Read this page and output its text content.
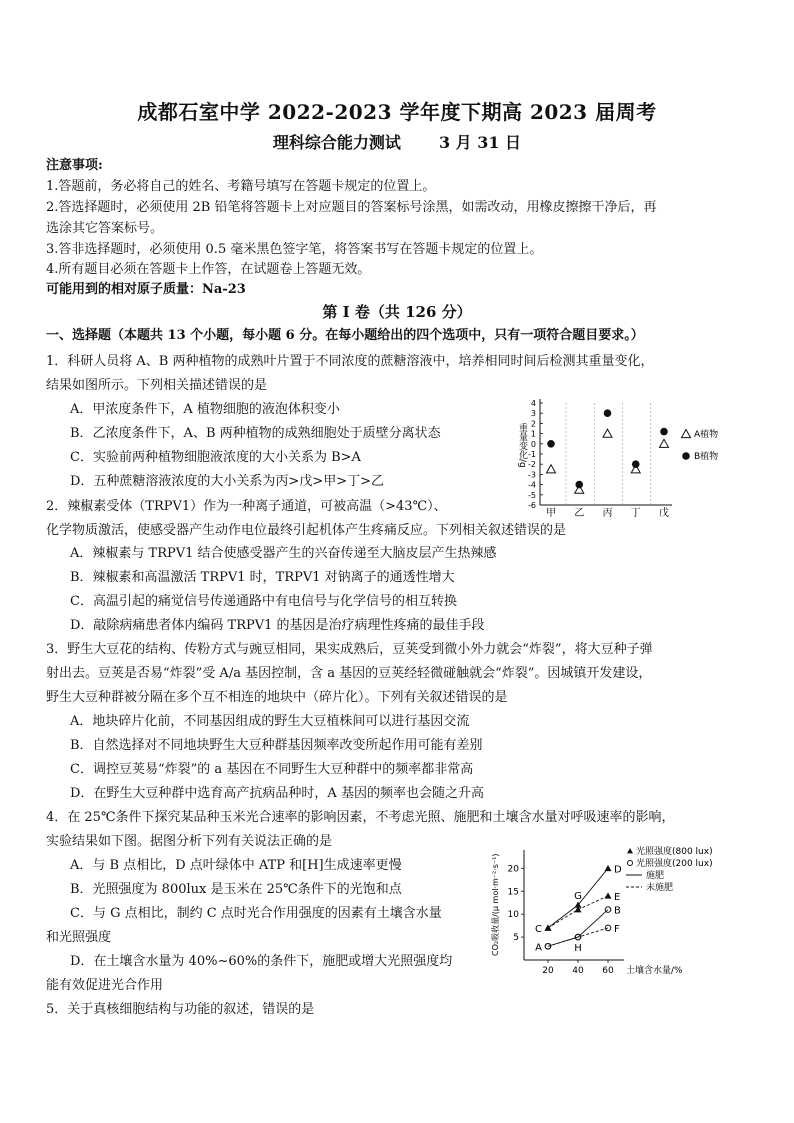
成都石室中学 2022-2023 学年度下期高 2023 届周考
理科综合能力测试 3 月 31 日
注意事项:
1.答题前，务必将自己的姓名、考籍号填写在答题卡规定的位置上。
2.答选择题时，必须使用 2B 铅笔将答题卡上对应题目的答案标号涂黑，如需改动，用橡皮擦擦干净后，再
选涂其它答案标号。
3.答非选择题时，必须使用 0.5 毫米黑色签字笔，将答案书写在答题卡规定的位置上。
4.所有题目必须在答题卡上作答，在试题卷上答题无效。
可能用到的相对原子质量：Na-23
第 I 卷（共 126 分）
一、选择题（本题共 13 个小题，每小题 6 分。在每小题给出的四个选项中，只有一项符合题目要求。）
1．科研人员将 A、B 两种植物的成熟叶片置于不同浓度的蔗糖溶液中，培养相同时间后检测其重量变化，
结果如图所示。下列相关描述错误的是
A．甲浓度条件下，A 植物细胞的液泡体积变小
B．乙浓度条件下，A、B 两种植物的成熟细胞处于质壁分离状态
C．实验前两种植物细胞液浓度的大小关系为 B>A
D．五种蔗糖溶液浓度的大小关系为丙>戊>甲>丁>乙
重量变化/g
4
3
2
1
0
-1
-2
-3
-4
-5
-6
甲 乙 丙 丁 戊
A植物
B植物
2．辣椒素受体（TRPV1）作为一种离子通道，可被高温（>43℃）、
化学物质激活，使感受器产生动作电位最终引起机体产生疼痛反应。下列相关叙述错误的是
A．辣椒素与 TRPV1 结合使感受器产生的兴奋传递至大脑皮层产生热辣感
B．辣椒素和高温激活 TRPV1 时，TRPV1 对钠离子的通透性增大
C．高温引起的痛觉信号传递通路中有电信号与化学信号的相互转换
D．敲除病痛患者体内编码 TRPV1 的基因是治疗病理性疼痛的最佳手段
3．野生大豆花的结构、传粉方式与豌豆相同，果实成熟后，豆荚受到微小外力就会“炸裂”，将大豆种子弹
射出去。豆荚是否易“炸裂”受 A/a 基因控制，含 a 基因的豆荚经轻微碰触就会“炸裂”。因城镇开发建设，
野生大豆种群被分隔在多个互不相连的地块中（碎片化）。下列有关叙述错误的是
A．地块碎片化前，不同基因组成的野生大豆植株间可以进行基因交流
B．自然选择对不同地块野生大豆种群基因频率改变所起作用可能有差别
C．调控豆荚易“炸裂”的 a 基因在不同野生大豆种群中的频率都非常高
D．在野生大豆种群中选育高产抗病品种时，A 基因的频率也会随之升高
4．在 25℃条件下探究某品种玉米光合速率的影响因素，不考虑光照、施肥和土壤含水量对呼吸速率的影响，
实验结果如下图。据图分析下列有关说法正确的是
A．与 B 点相比，D 点叶绿体中 ATP 和[H]生成速率更慢
B．光照强度为 800lux 是玉米在 25℃条件下的光饱和点
C．与 G 点相比，制约 C 点时光合作用强度的因素有土壤含水量
和光照强度
D．在土壤含水量为 40%~60%的条件下，施肥或增大光照强度均
能有效促进光合作用
5
10
15
20
20 40 60 土壤含水量/%
CO₂吸收量/(μ mol·m⁻²·s⁻¹)	C
G
D
E
A	H
B
F
光照强度(800 lux)
光照强度(200 lux)
施肥
未施肥
5．关于真核细胞结构与功能的叙述，错误的是
